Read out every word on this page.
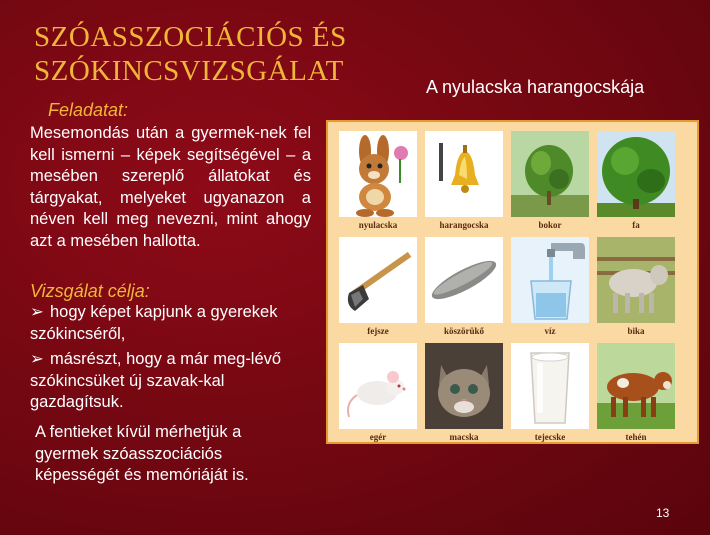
SZÓASSZOCIÁCIÓS ÉS
SZÓKINCSVIZSGÁLAT	A nyulacska harangocskája
Feladatat:
Mesemondás után a gyermek-nek fel kell ismerni – képek segítségével – a mesében szereplő állatokat és tárgyakat, melyeket ugyanazon a néven kell meg nevezni, mint ahogy azt a mesében hallotta.
Vizsgálat célja:
➢ hogy képet kapjunk a gyerekek szókincséről,
➢ másrészt, hogy a már meg-lévő szókincsüket új szavak-kal gazdagítsuk.
A fentieket kívül mérhetjük a gyermek szóasszociációs képességét és memóriáját is.
nyulacska	harangocska	bokor	fa
fejsze	köszörükő	víz	bika
egér	macska	tejecske	tehén
13
